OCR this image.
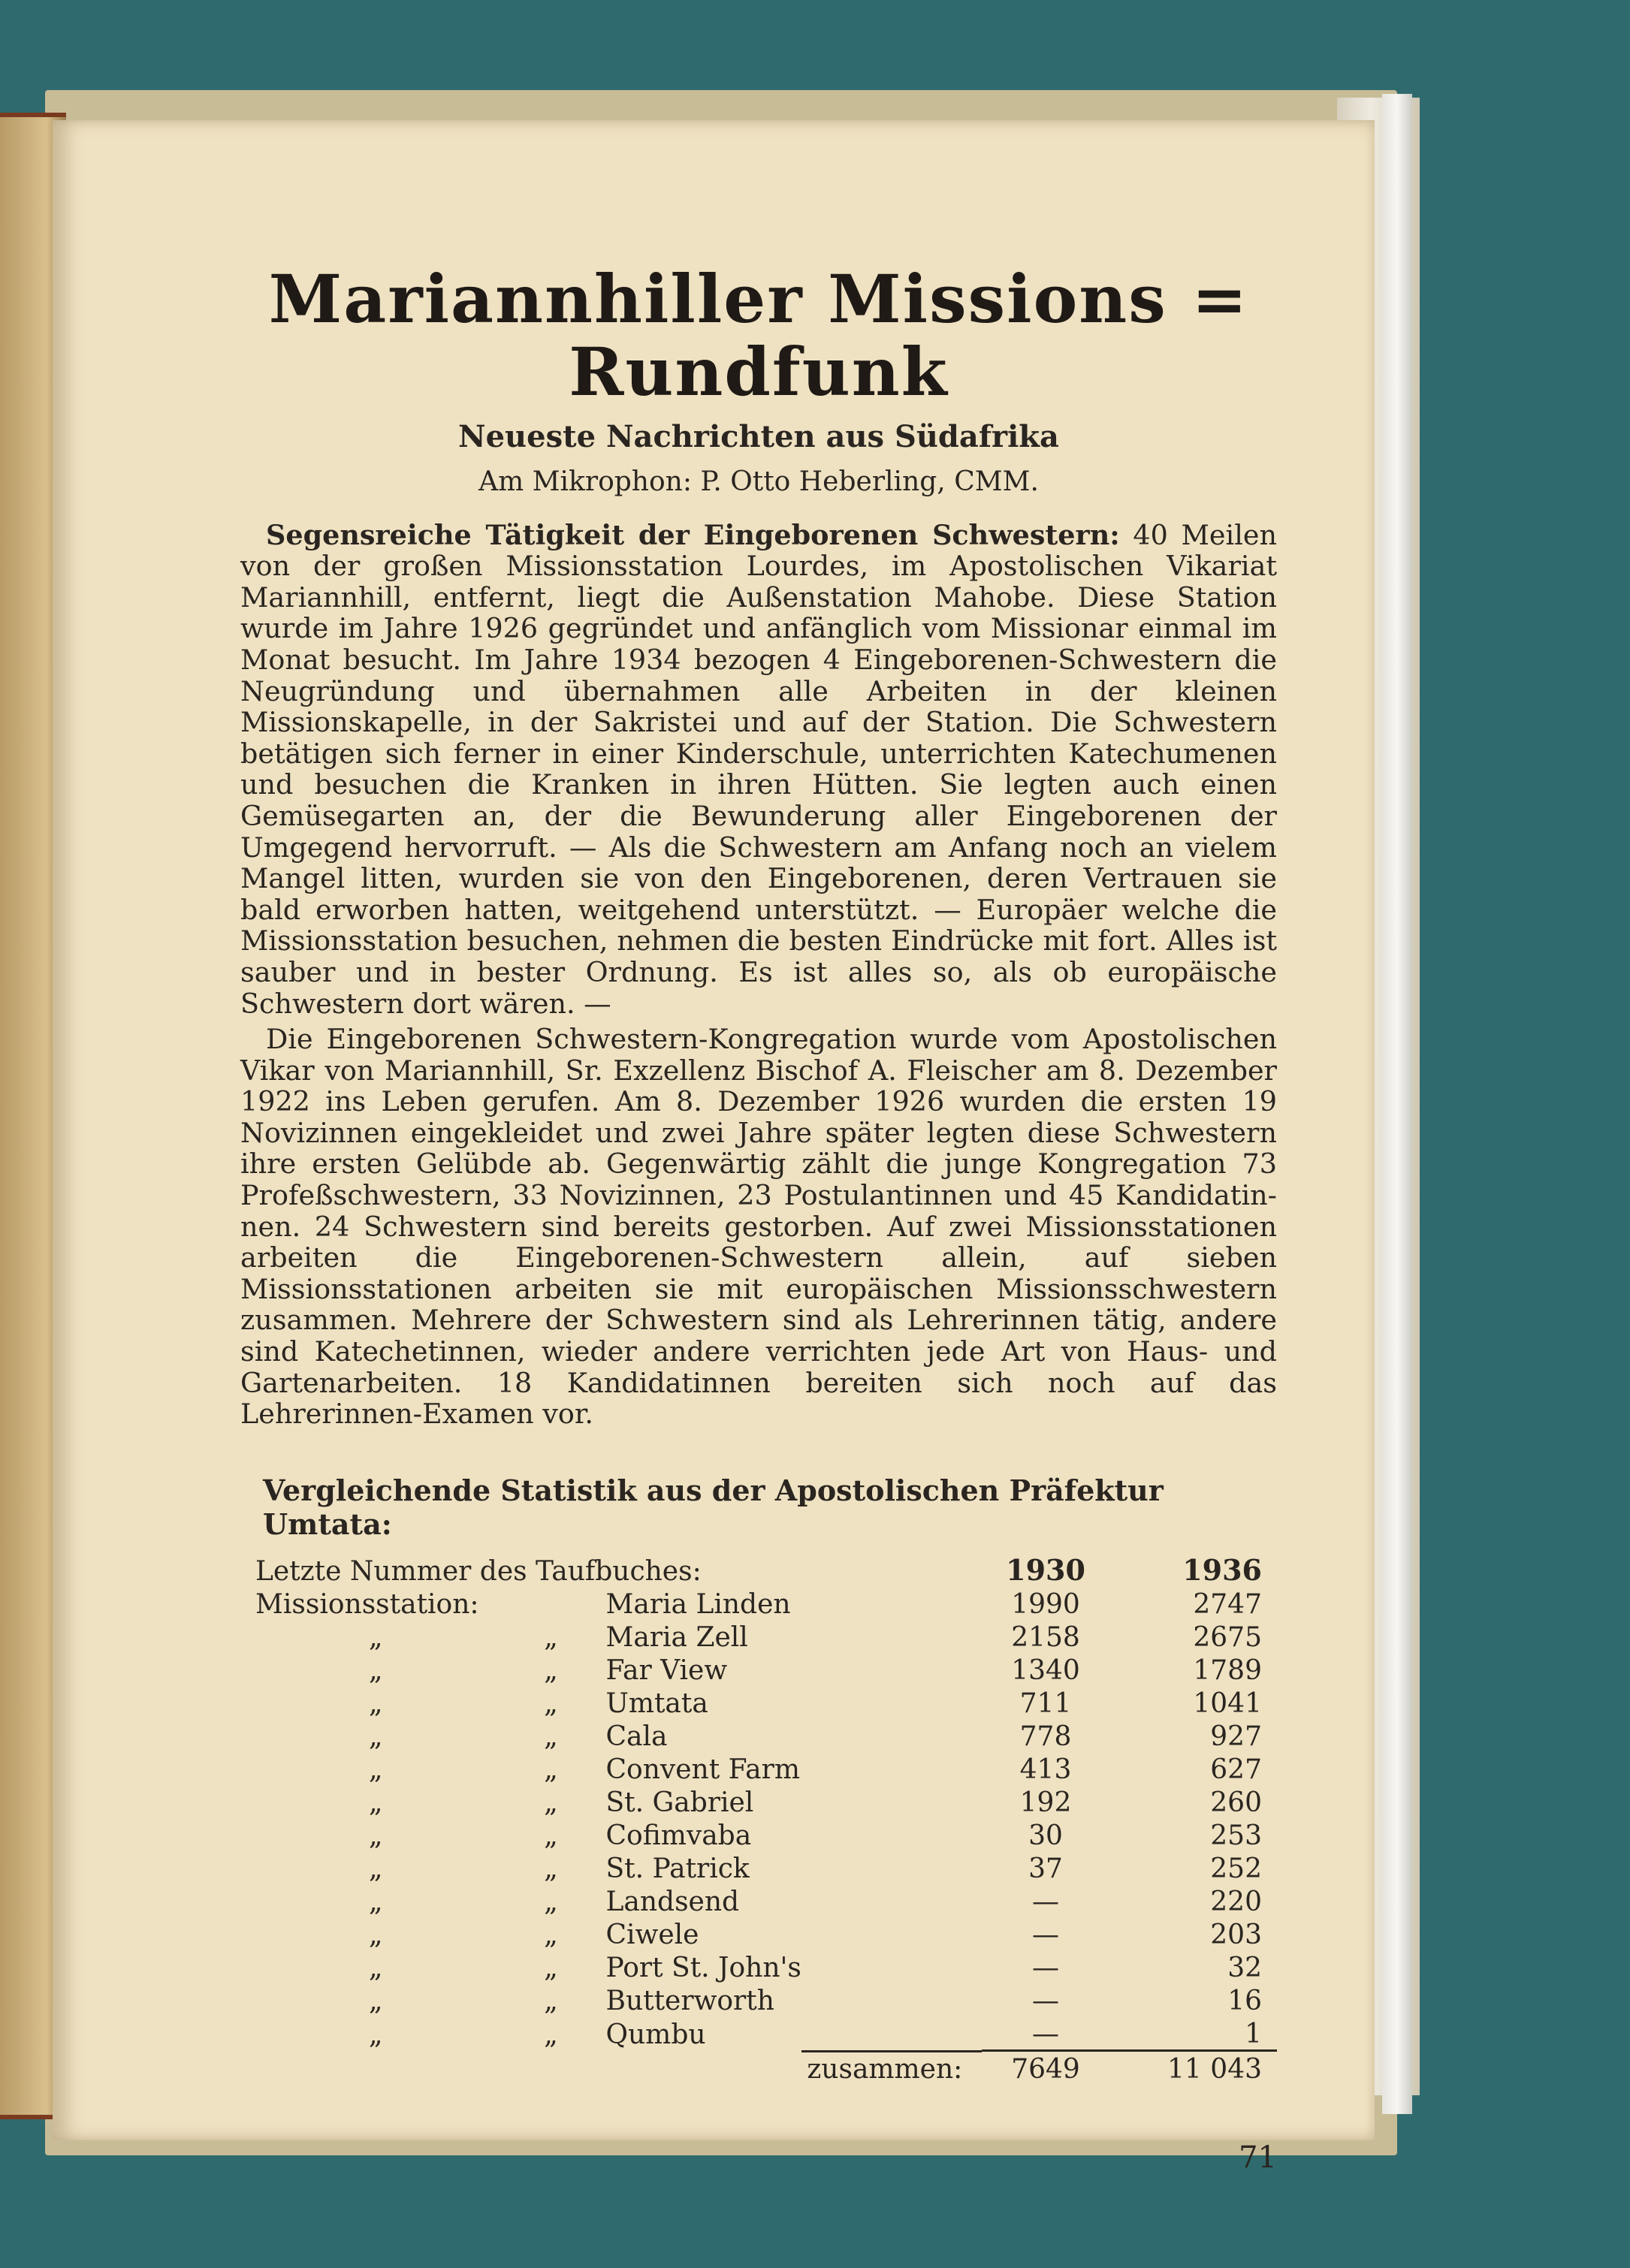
Mariannhiller Missions = Rundfunk
Neueste Nachrichten aus Südafrika
Am Mikrophon: P. Otto Heberling, CMM.

Segensreiche Tätigkeit der Eingeborenen Schwestern: 40 Meilen von der großen Missionsstation Lourdes, im Apostolischen Vikariat Mariannhill, entfernt, liegt die Außenstation Mahobe. Diese Station wurde im Jahre 1926 gegründet und anfänglich vom Missionar einmal im Monat besucht. Im Jahre 1934 bezogen 4 Eingeborenen-Schwestern die Neugründung und übernahmen alle Arbeiten in der kleinen Missionskapelle, in der Sakristei und auf der Station. Die Schwestern betätigen sich ferner in einer Kinderschule, unterrichten Katechumenen und besuchen die Kranken in ihren Hütten. Sie legten auch einen Gemüsegarten an, der die Bewunderung aller Eingeborenen der Umgegend hervorruft. — Als die Schwestern am Anfang noch an vielem Mangel litten, wurden sie von den Eingeborenen, deren Vertrauen sie bald erworben hatten, weitgehend unterstützt. — Europäer welche die Missionsstation besuchen, nehmen die besten Eindrücke mit fort. Alles ist sauber und in bester Ordnung. Es ist alles so, als ob europäische Schwestern dort wären. —

Die Eingeborenen Schwestern-Kongregation wurde vom Apostolischen Vikar von Mariannhill, Sr. Exzellenz Bischof A. Fleischer am 8. Dezember 1922 ins Leben gerufen. Am 8. Dezember 1926 wurden die ersten 19 Novizinnen eingekleidet und zwei Jahre später legten diese Schwestern ihre ersten Gelübde ab. Gegenwärtig zählt die junge Kongregation 73 Profeßschwestern, 33 Novizinnen, 23 Postulantinnen und 45 Kandidatinnen. 24 Schwestern sind bereits gestorben. Auf zwei Missionsstationen arbeiten die Eingeborenen-Schwestern allein, auf sieben Missionsstationen arbeiten sie mit europäischen Missionsschwestern zusammen. Mehrere der Schwestern sind als Lehrerinnen tätig, andere sind Katechetinnen, wieder andere verrichten jede Art von Haus- und Gartenarbeiten. 18 Kandidatinnen bereiten sich noch auf das Lehrerinnen-Examen vor.

Vergleichende Statistik aus der Apostolischen Präfektur Umtata:
Letzte Nummer des Taufbuches:			1930	1936
Missionsstation:		Maria Linden	1990	2747
„	„	Maria Zell	2158	2675
„	„	Far View	1340	1789
„	„	Umtata	711	1041
„	„	Cala	778	927
„	„	Convent Farm	413	627
„	„	St. Gabriel	192	260
„	„	Cofimvaba	30	253
„	„	St. Patrick	37	252
„	„	Landsend	—	220
„	„	Ciwele	—	203
„	„	Port St. John's	—	32
„	„	Butterworth	—	16
„	„	Qumbu	—	1
zusammen:			7649	11 043
71
